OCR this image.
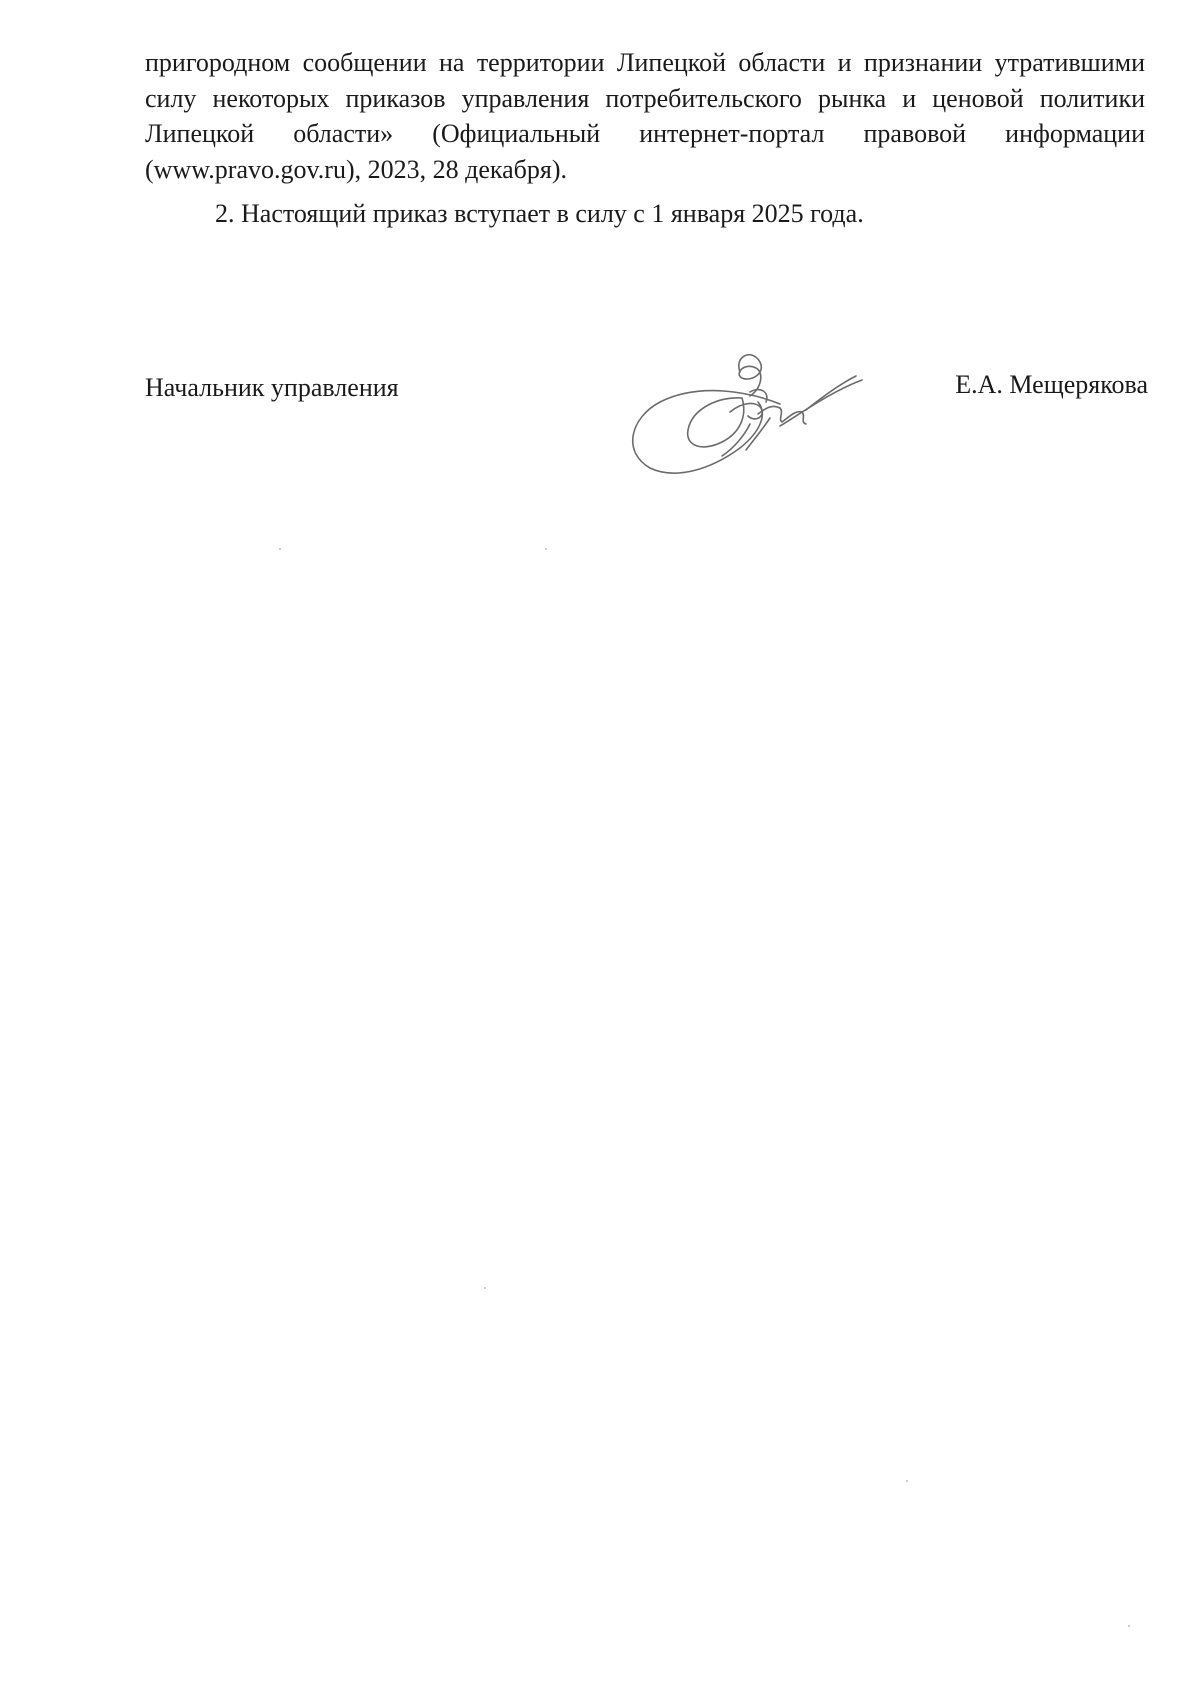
пригородном сообщении на территории Липецкой области и признании утратившими силу некоторых приказов управления потребительского рынка и ценовой политики Липецкой области» (Официальный интернет-портал правовой информации (www.pravo.gov.ru), 2023, 28 декабря).

2. Настоящий приказ вступает в силу с 1 января 2025 года.

Начальник управления	Е.А. Мещерякова
